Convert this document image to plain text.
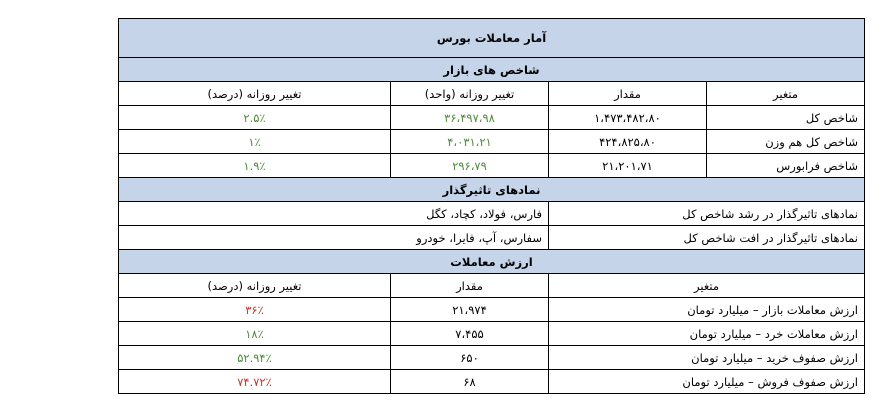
آمار معاملات بورس			
شاخص های بازار			
متغیر	مقدار	تغییر روزانه (واحد)	تغییر روزانه (درصد)
شاخص کل	۱،۴۷۳،۴۸۲،۸۰	۳۶،۴۹۷،۹۸	۲.۵٪
شاخص کل هم وزن	۴۲۴،۸۲۵،۸۰	۴،۰۳۱،۲۱	۱٪
شاخص فرابورس	۲۱،۲۰۱،۷۱	۲۹۶،۷۹	۱.۹٪
نمادهای تاثیرگذار			
نمادهای تاثیرگذار در رشد شاخص کل		فارس، فولاد، کچاد، کگل	
نمادهای تاثیرگذار در افت شاخص کل		سفارس، آپ، فایرا، خودرو	
ارزش معاملات			
متغیر		مقدار	تغییر روزانه (درصد)
ارزش معاملات بازار – میلیارد تومان		۲۱،۹۷۴	۳۶٪
ارزش معاملات خرد – میلیارد تومان		۷،۴۵۵	۱۸٪
ارزش صفوف خرید – میلیارد تومان		۶۵۰	۵۲.۹۴٪
ارزش صفوف فروش – میلیارد تومان		۶۸	۷۴.۷۲٪
